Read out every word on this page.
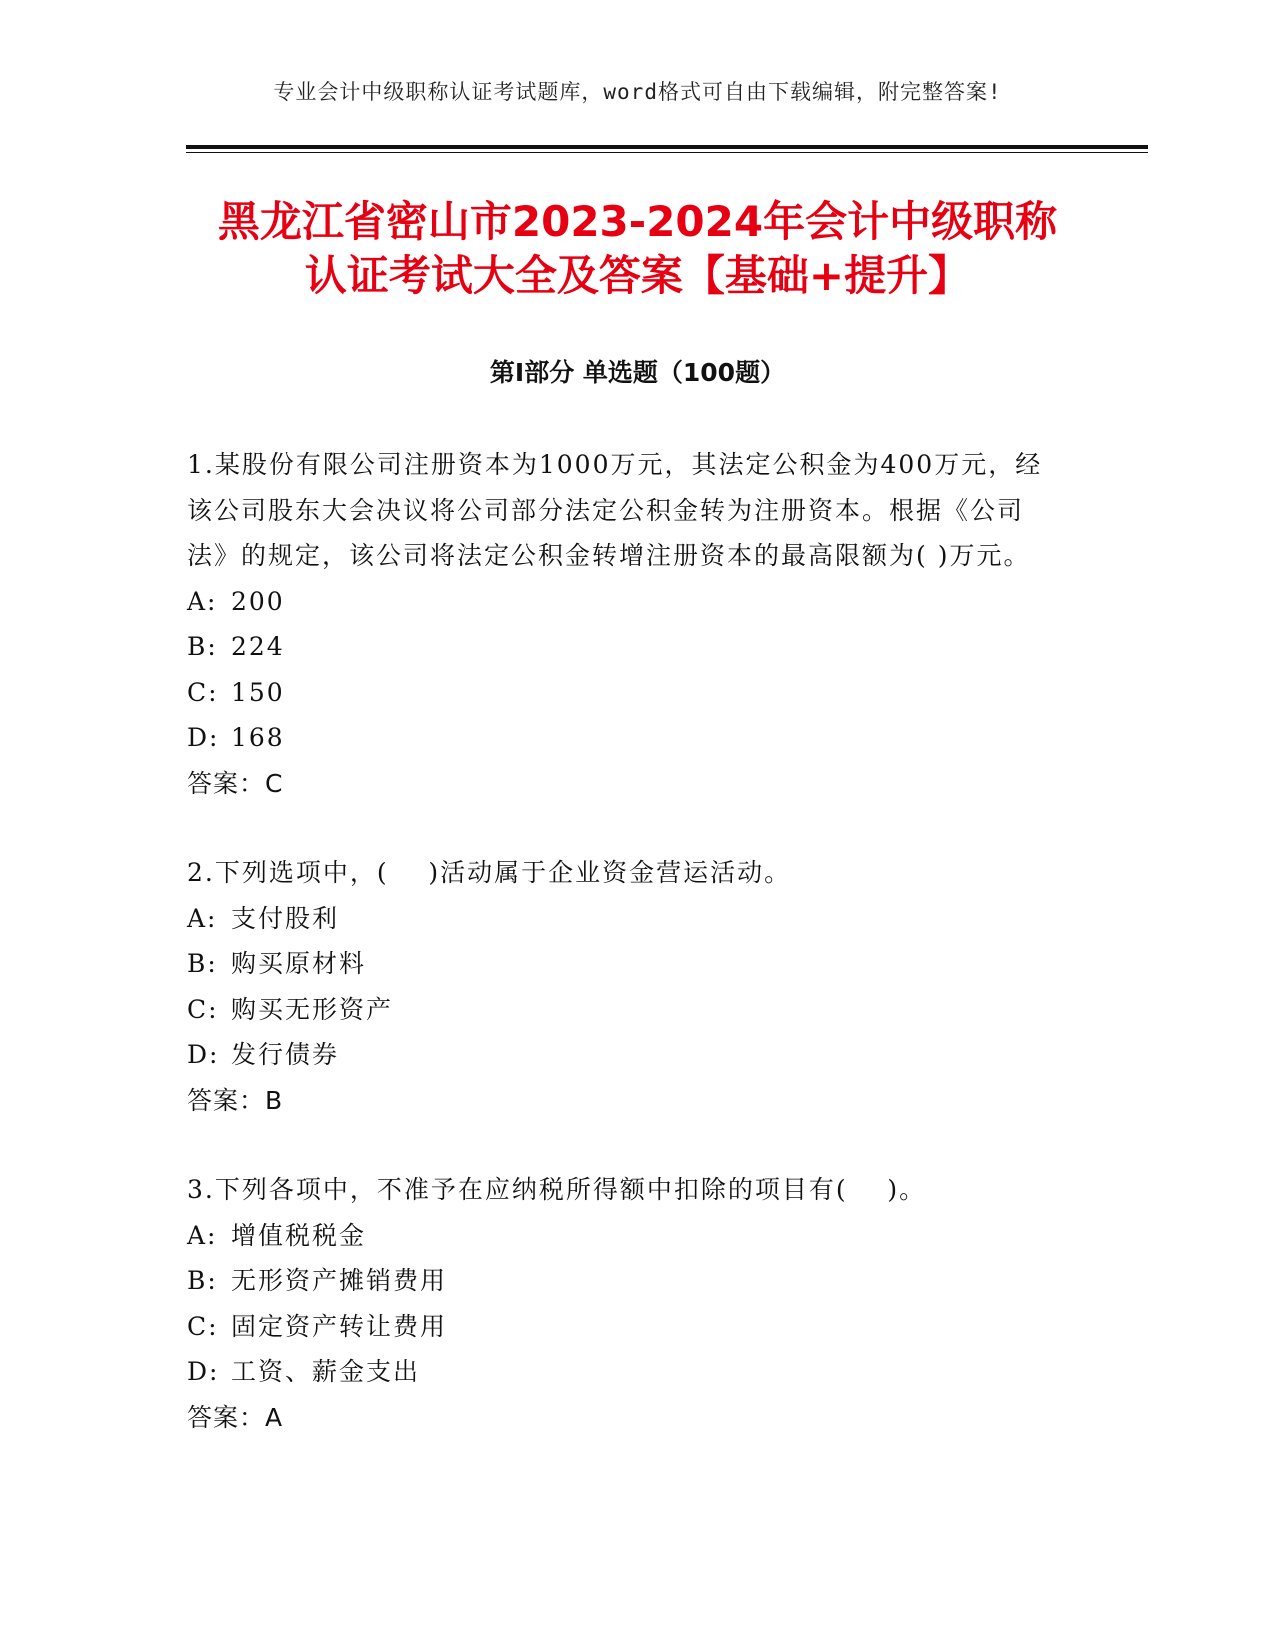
专业会计中级职称认证考试题库，word格式可自由下载编辑，附完整答案!
黑龙江省密山市2023-2024年会计中级职称
认证考试大全及答案【基础+提升】
第Ⅰ部分 单选题（100题）

1.某股份有限公司注册资本为1000万元，其法定公积金为400万元，经该公司股东大会决议将公司部分法定公积金转为注册资本。根据《公司法》的规定，该公司将法定公积金转增注册资本的最高限额为( )万元。

A: 200

B: 224

C: 150

D: 168

答案：C

2.下列选项中，(    )活动属于企业资金营运活动。

A: 支付股利

B: 购买原材料

C: 购买无形资产

D: 发行债券

答案：B

3.下列各项中，不准予在应纳税所得额中扣除的项目有(    )。

A: 增值税税金

B: 无形资产摊销费用

C: 固定资产转让费用

D: 工资、薪金支出

答案：A
